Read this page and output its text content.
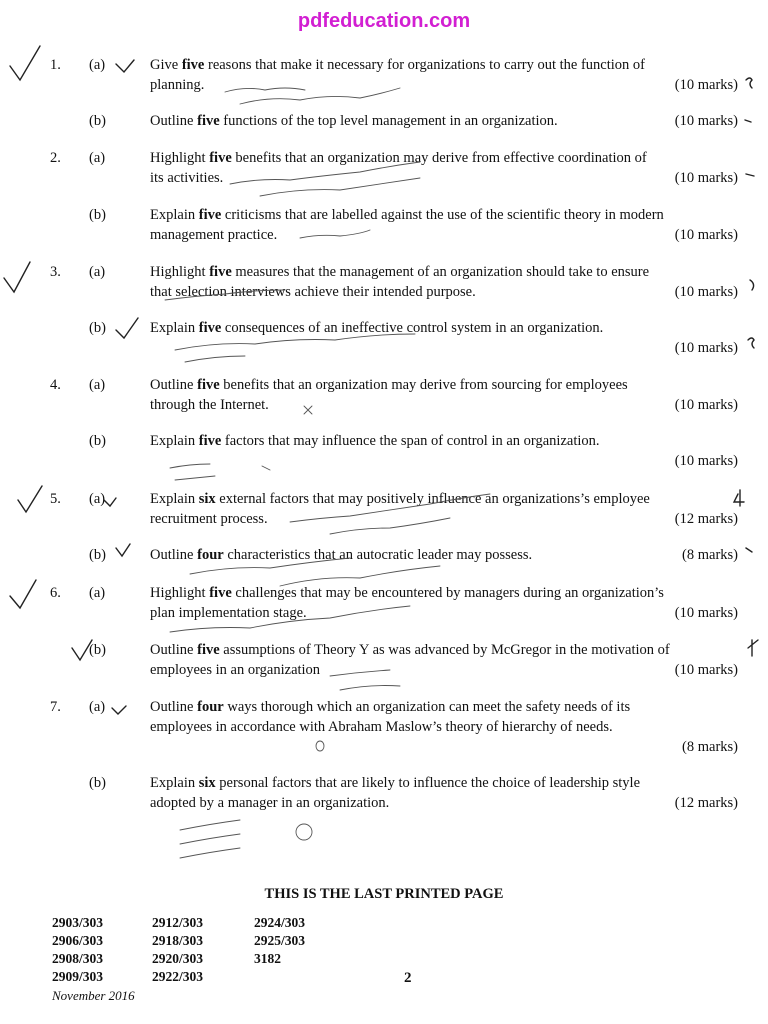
pdfeducation.com
1. (a)	Give five reasons that make it necessary for organizations to carry out the function of
planning.	(10 marks)
(b)	Outline five functions of the top level management in an organization.	(10 marks)
2. (a)	Highlight five benefits that an organization may derive from effective coordination of
its activities.	(10 marks)
(b)	Explain five criticisms that are labelled against the use of the scientific theory in modern
management practice.	(10 marks)
3. (a)	Highlight five measures that the management of an organization should take to ensure
that selection interviews achieve their intended purpose.	(10 marks)
(b)	Explain five consequences of an ineffective control system in an organization.
(10 marks)
4. (a)	Outline five benefits that an organization may derive from sourcing for employees
through the Internet.	(10 marks)
(b)	Explain five factors that may influence the span of control in an organization.
(10 marks)
5. (a)	Explain six external factors that may positively influence an organizations’s employee
recruitment process.	(12 marks)
(b)	Outline four characteristics that an autocratic leader may possess.	(8 marks)
6. (a)	Highlight five challenges that may be encountered by managers during an organization’s
plan implementation stage.	(10 marks)
(b)	Outline five assumptions of Theory Y as was advanced by McGregor in the motivation of
employees in an organization	(10 marks)
7. (a)	Outline four ways thorough which an organization can meet the safety needs of its
employees in accordance with Abraham Maslow’s theory of hierarchy of needs.
(8 marks)
(b)	Explain six personal factors that are likely to influence the choice of leadership style
adopted by a manager in an organization.	(12 marks)
THIS IS THE LAST PRINTED PAGE
2903/303	2912/303	2924/303
2906/303	2918/303	2925/303
2908/303	2920/303	3182
2909/303	2922/303	2
November 2016
